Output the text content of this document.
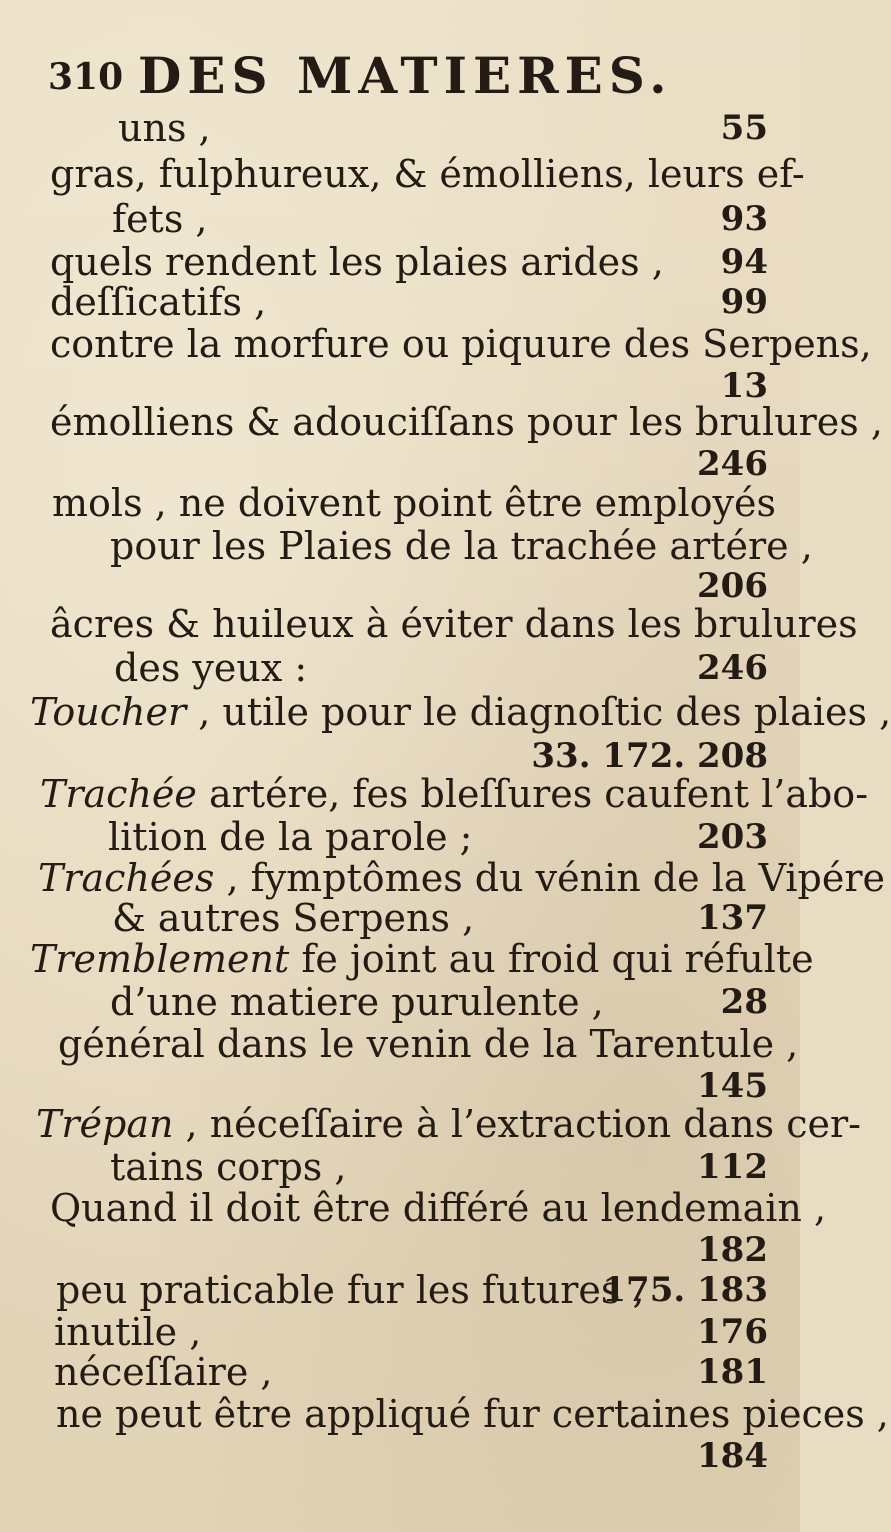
310 DES MATIERES.
uns ,	55
gras, fulphureux, & émolliens, leurs ef-
fets ,	93
quels rendent les plaies arides , 94
deſſicatifs ,	99
contre la morfure ou piquure des Serpens,
13
émolliens & adouciſſans pour les brulures ,
246
mols , ne doivent point être employés
pour les Plaies de la trachée artére ,
206
âcres & huileux à éviter dans les brulures
des yeux :	246
Toucher , utile pour le diagnoſtic des plaies ,
33. 172. 208
Trachée artére, fes bleſſures caufent l’abo-
lition de la parole ;	203
Trachées , fymptômes du vénin de la Vipére
& autres Serpens ,	137
Tremblement fe joint au froid qui réfulte
d’une matiere purulente ,	28
général dans le venin de la Tarentule ,
145
Trépan , néceſſaire à l’extraction dans cer-
tains corps ,	112
Quand il doit être différé au lendemain ,
182
peu praticable fur les futures ,
175. 183
inutile ,	176
néceſſaire ,	181
ne peut être appliqué fur certaines pieces ,
184
